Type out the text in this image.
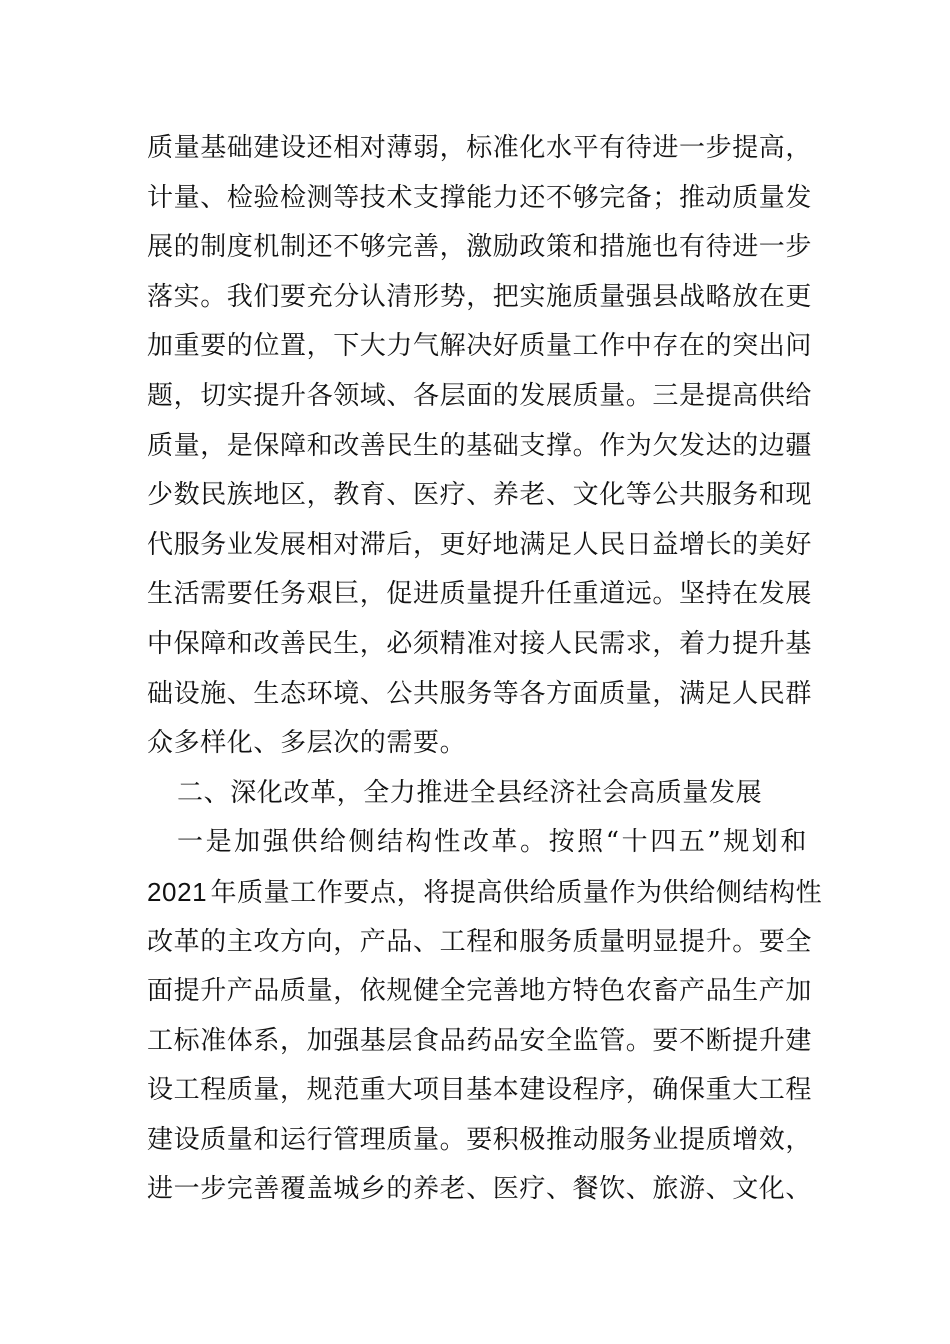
质量基础建设还相对薄弱，标准化水平有待进一步提高，
计量、检验检测等技术支撑能力还不够完备；推动质量发
展的制度机制还不够完善，激励政策和措施也有待进一步
落实。我们要充分认清形势，把实施质量强县战略放在更
加重要的位置，下大力气解决好质量工作中存在的突出问
题，切实提升各领域、各层面的发展质量。三是提高供给
质量，是保障和改善民生的基础支撑。作为欠发达的边疆
少数民族地区，教育、医疗、养老、文化等公共服务和现
代服务业发展相对滞后，更好地满足人民日益增长的美好
生活需要任务艰巨，促进质量提升任重道远。坚持在发展
中保障和改善民生，必须精准对接人民需求，着力提升基
础设施、生态环境、公共服务等各方面质量，满足人民群
众多样化、多层次的需要。
二、深化改革，全力推进全县经济社会高质量发展
一是加强供给侧结构性改革。按照“十四五”规划和
2021  年质量工作要点，将提高供给质量作为供给侧结构性
改革的主攻方向，产品、工程和服务质量明显提升。要全
面提升产品质量，依规健全完善地方特色农畜产品生产加
工标准体系，加强基层食品药品安全监管。要不断提升建
设工程质量，规范重大项目基本建设程序，确保重大工程
建设质量和运行管理质量。要积极推动服务业提质增效，
进一步完善覆盖城乡的养老、医疗、餐饮、旅游、文化、
